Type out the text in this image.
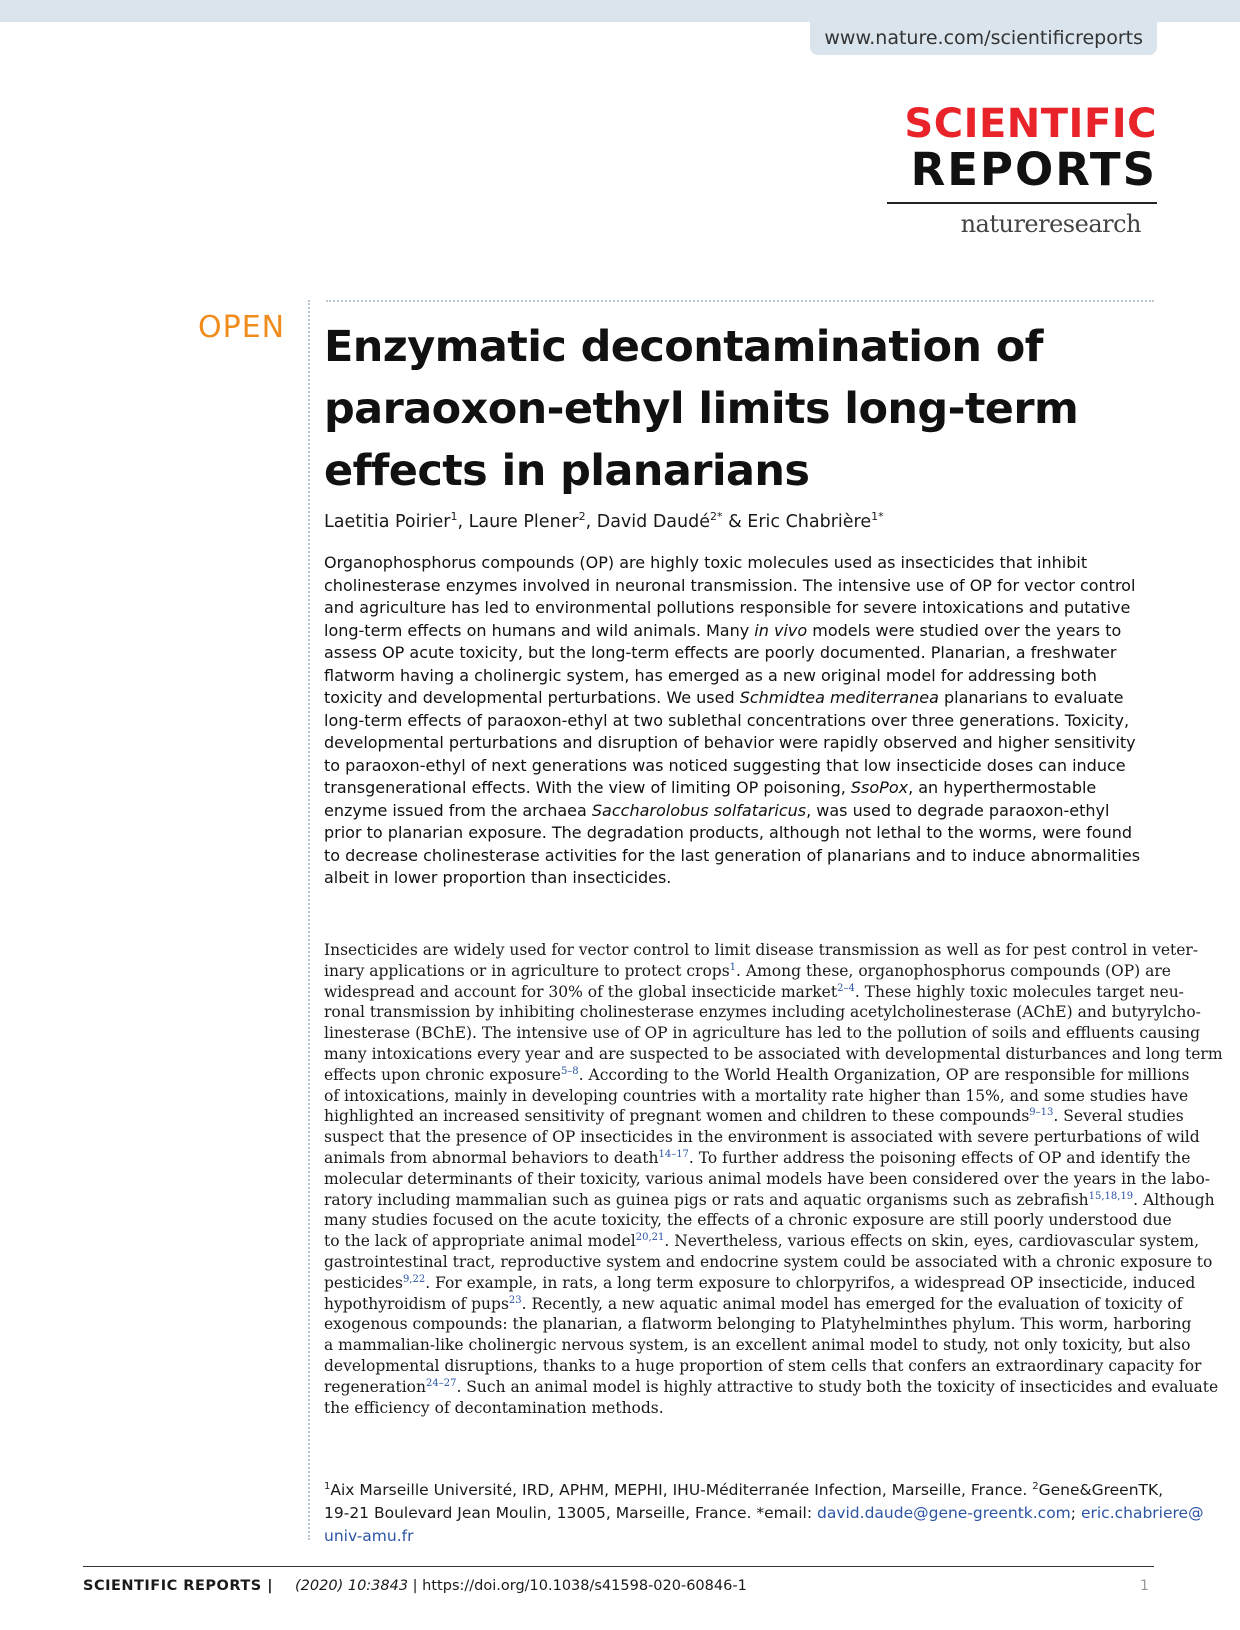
www.nature.com/scientificreports
SCIENTIFIC
REPORTS
natureresearch
OPEN Enzymatic decontamination of paraoxon-ethyl limits long-term effects in planarians
Laetitia Poirier$^1$, Laure Plener$^2$, David Daudé$^{2*}$ & Eric Chabrière$^{1*}$
Organophosphorus compounds (OP) are highly toxic molecules used as insecticides that inhibit
cholinesterase enzymes involved in neuronal transmission. The intensive use of OP for vector control
and agriculture has led to environmental pollutions responsible for severe intoxications and putative
long-term effects on humans and wild animals. Many in vivo models were studied over the years to
assess OP acute toxicity, but the long-term effects are poorly documented. Planarian, a freshwater
flatworm having a cholinergic system, has emerged as a new original model for addressing both
toxicity and developmental perturbations. We used Schmidtea mediterranea planarians to evaluate
long-term effects of paraoxon-ethyl at two sublethal concentrations over three generations. Toxicity,
developmental perturbations and disruption of behavior were rapidly observed and higher sensitivity
to paraoxon-ethyl of next generations was noticed suggesting that low insecticide doses can induce
transgenerational effects. With the view of limiting OP poisoning, SsoPox, an hyperthermostable
enzyme issued from the archaea Saccharolobus solfataricus, was used to degrade paraoxon-ethyl
prior to planarian exposure. The degradation products, although not lethal to the worms, were found
to decrease cholinesterase activities for the last generation of planarians and to induce abnormalities
albeit in lower proportion than insecticides.
Insecticides are widely used for vector control to limit disease transmission as well as for pest control in veter-
inary applications or in agriculture to protect crops$^1$. Among these, organophosphorus compounds (OP) are
widespread and account for 30% of the global insecticide market$^{2-4}$. These highly toxic molecules target neu-
ronal transmission by inhibiting cholinesterase enzymes including acetylcholinesterase (AChE) and butyrylcho-
linesterase (BChE). The intensive use of OP in agriculture has led to the pollution of soils and effluents causing
many intoxications every year and are suspected to be associated with developmental disturbances and long term
effects upon chronic exposure$^{5-8}$. According to the World Health Organization, OP are responsible for millions
of intoxications, mainly in developing countries with a mortality rate higher than 15%, and some studies have
highlighted an increased sensitivity of pregnant women and children to these compounds$^{9-13}$. Several studies
suspect that the presence of OP insecticides in the environment is associated with severe perturbations of wild
animals from abnormal behaviors to death$^{14-17}$. To further address the poisoning effects of OP and identify the
molecular determinants of their toxicity, various animal models have been considered over the years in the labo-
ratory including mammalian such as guinea pigs or rats and aquatic organisms such as zebrafish$^{15,18,19}$. Although
many studies focused on the acute toxicity, the effects of a chronic exposure are still poorly understood due
to the lack of appropriate animal model$^{20,21}$. Nevertheless, various effects on skin, eyes, cardiovascular system,
gastrointestinal tract, reproductive system and endocrine system could be associated with a chronic exposure to
pesticides$^{9,22}$. For example, in rats, a long term exposure to chlorpyrifos, a widespread OP insecticide, induced
hypothyroidism of pups$^{23}$. Recently, a new aquatic animal model has emerged for the evaluation of toxicity of
exogenous compounds: the planarian, a flatworm belonging to Platyhelminthes phylum. This worm, harboring
a mammalian-like cholinergic nervous system, is an excellent animal model to study, not only toxicity, but also
developmental disruptions, thanks to a huge proportion of stem cells that confers an extraordinary capacity for
regeneration$^{24-27}$. Such an animal model is highly attractive to study both the toxicity of insecticides and evaluate
the efficiency of decontamination methods.
$^1$Aix Marseille Université, IRD, APHM, MEPHI, IHU-Méditerranée Infection, Marseille, France. $^2$Gene&GreenTK,
19-21 Boulevard Jean Moulin, 13005, Marseille, France. *email: david.daude@gene-greentk.com; eric.chabriere@
univ-amu.fr
SCIENTIFIC REPORTS | (2020) 10:3843 | https://doi.org/10.1038/s41598-020-60846-1	1
